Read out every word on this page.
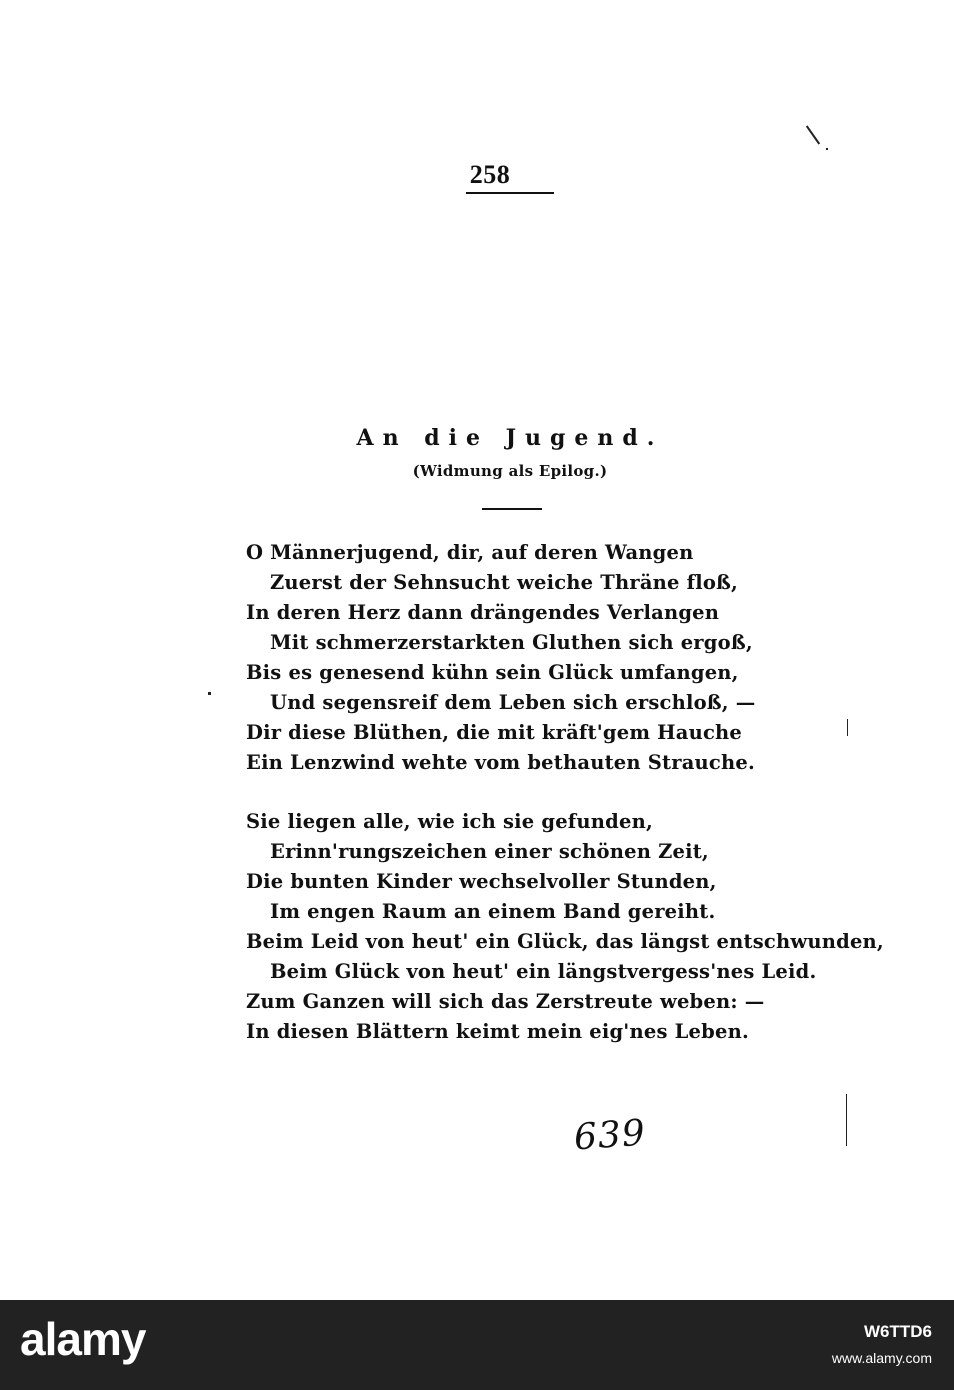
258
An die Jugend.
(Widmung als Epilog.)
O Männerjugend, dir, auf deren Wangen
Zuerst der Sehnsucht weiche Thräne floß,
In deren Herz dann drängendes Verlangen
Mit schmerzerstarkten Gluthen sich ergoß,
Bis es genesend kühn sein Glück umfangen,
Und segensreif dem Leben sich erschloß, —
Dir diese Blüthen, die mit kräft'gem Hauche
Ein Lenzwind wehte vom bethauten Strauche.
Sie liegen alle, wie ich sie gefunden,
Erinn'rungszeichen einer schönen Zeit,
Die bunten Kinder wechselvoller Stunden,
Im engen Raum an einem Band gereiht.
Beim Leid von heut' ein Glück, das längst entschwunden,
Beim Glück von heut' ein längstvergess'nes Leid.
Zum Ganzen will sich das Zerstreute weben: —
In diesen Blättern keimt mein eig'nes Leben.
639
alamy	W6TTD6
www.alamy.com
